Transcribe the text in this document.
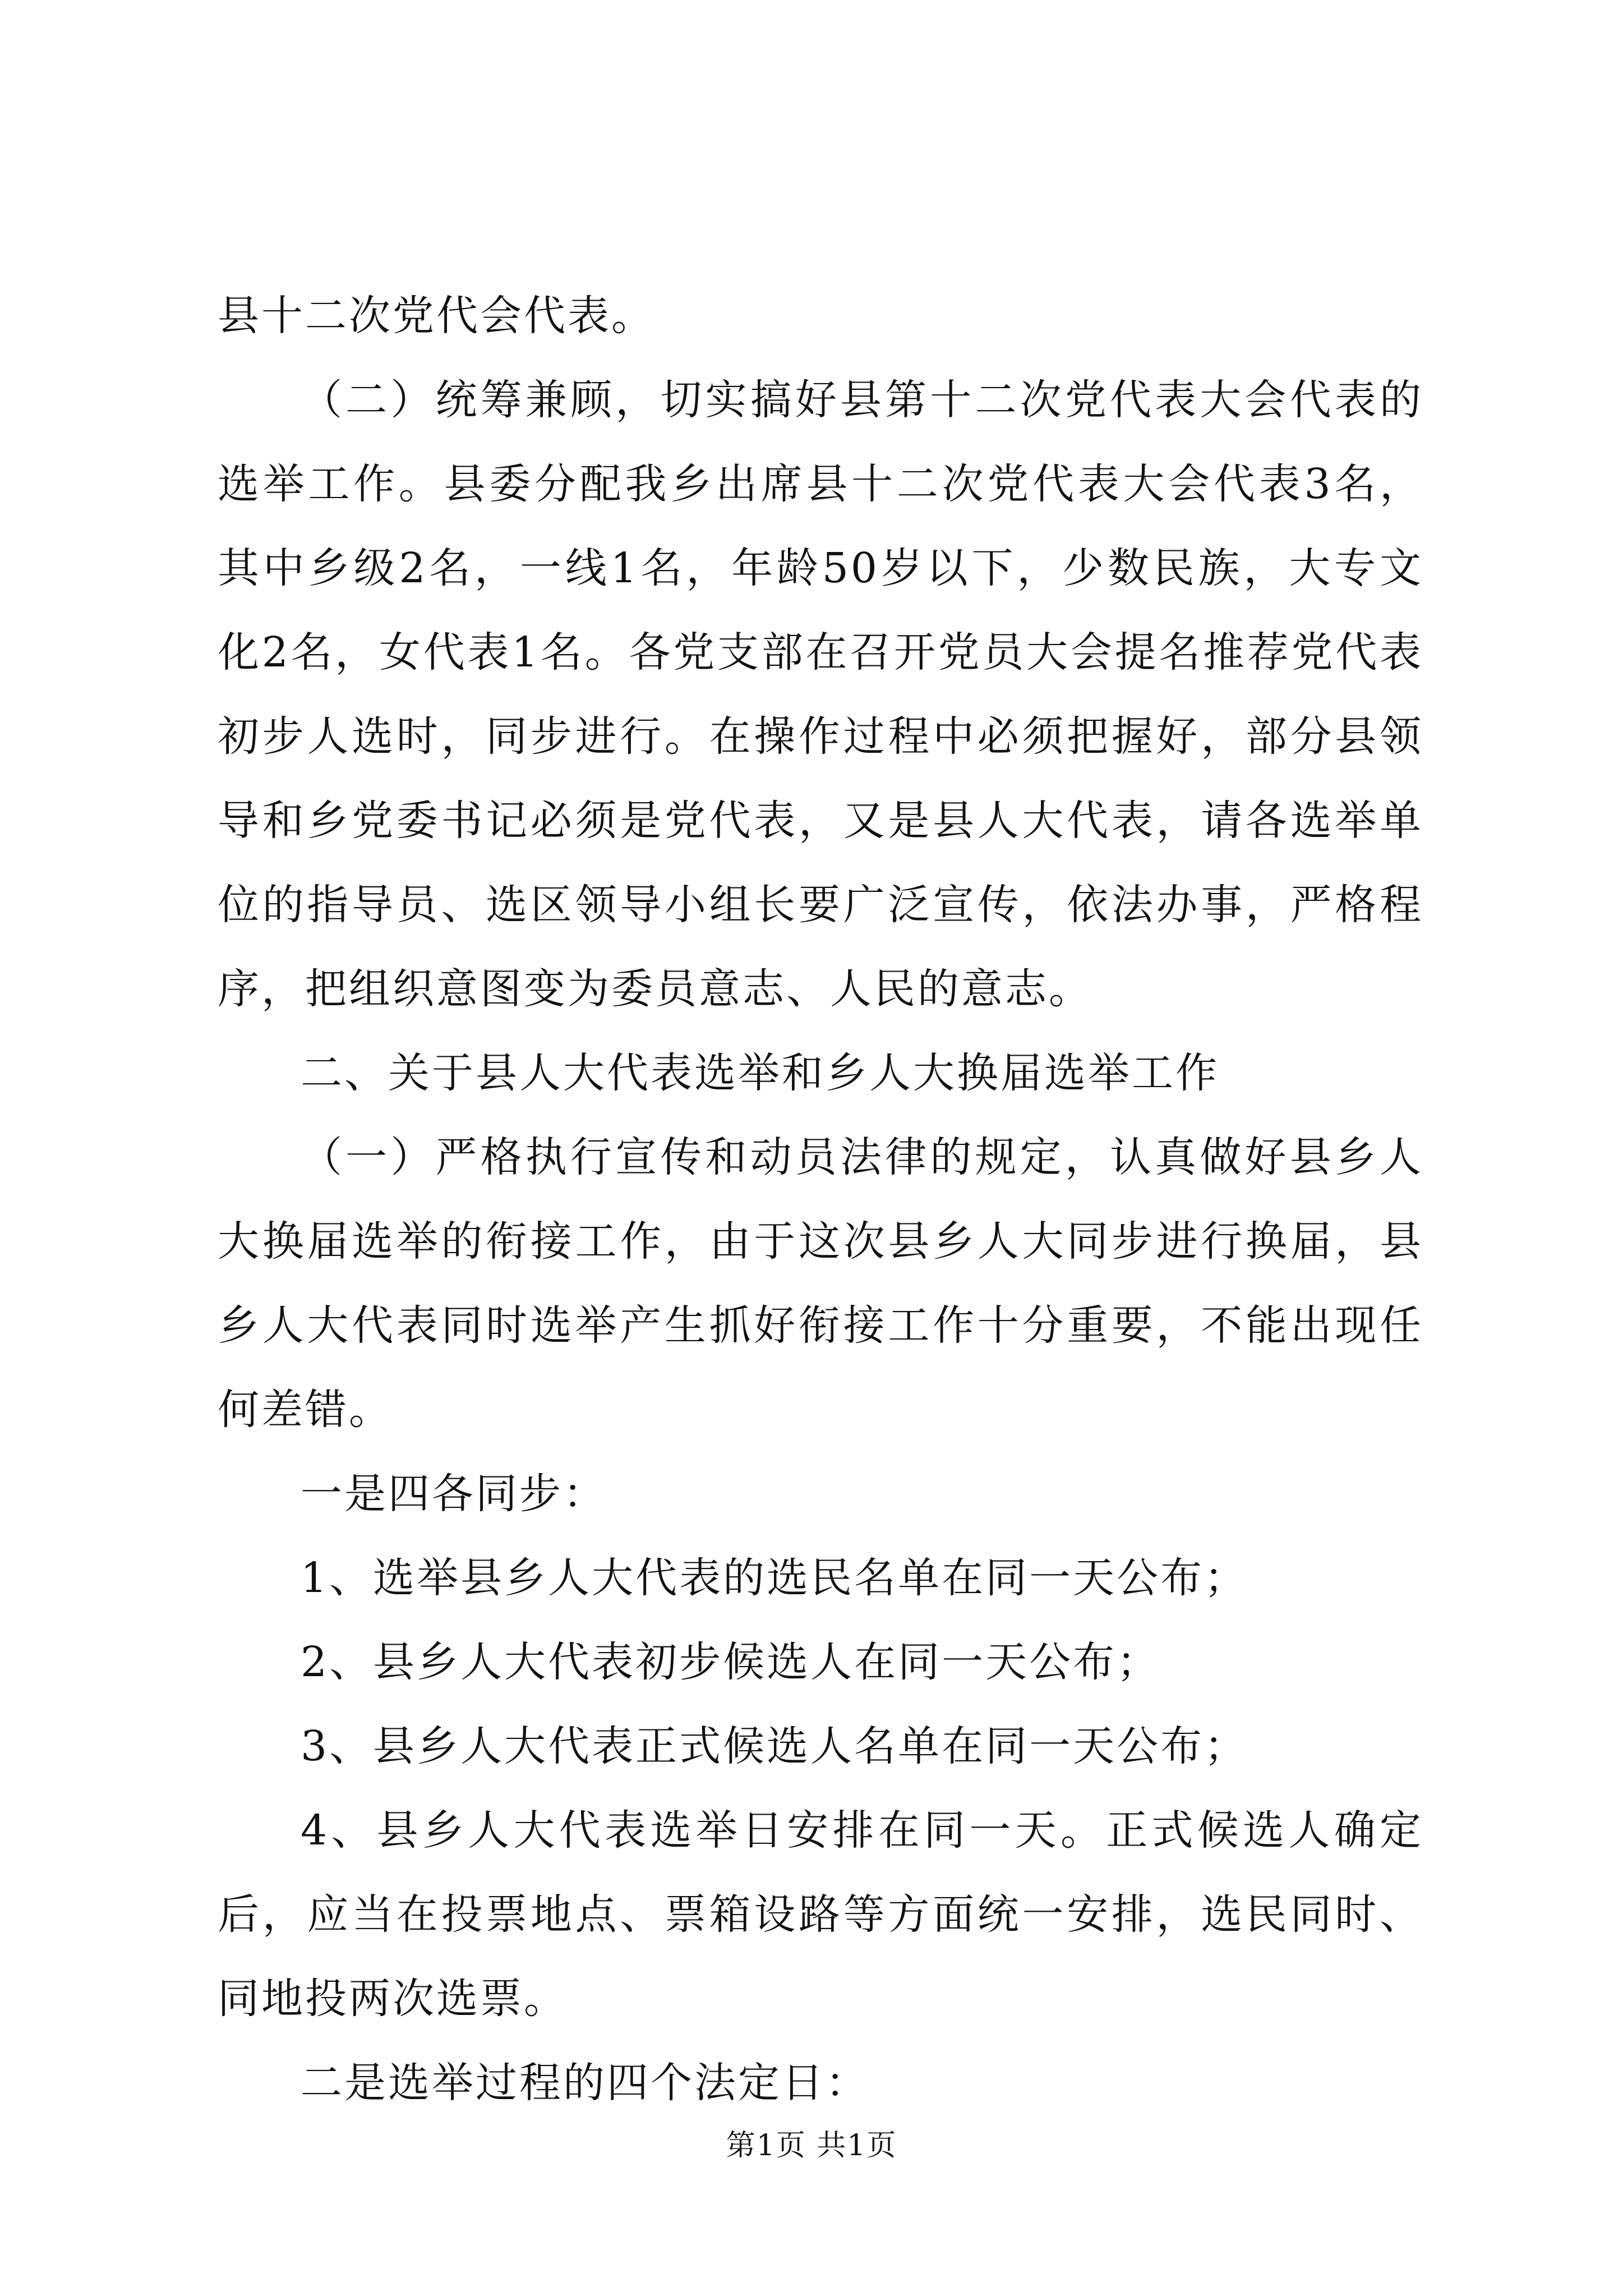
县十二次党代会代表。

（二）统筹兼顾，切实搞好县第十二次党代表大会代表的选举工作。县委分配我乡出席县十二次党代表大会代表3名，其中乡级2名，一线1名，年龄50岁以下，少数民族，大专文化2名，女代表1名。各党支部在召开党员大会提名推荐党代表初步人选时，同步进行。在操作过程中必须把握好，部分县领导和乡党委书记必须是党代表，又是县人大代表，请各选举单位的指导员、选区领导小组长要广泛宣传，依法办事，严格程序，把组织意图变为委员意志、人民的意志。

二、关于县人大代表选举和乡人大换届选举工作

（一）严格执行宣传和动员法律的规定，认真做好县乡人大换届选举的衔接工作，由于这次县乡人大同步进行换届，县乡人大代表同时选举产生抓好衔接工作十分重要，不能出现任何差错。

一是四各同步：

1、选举县乡人大代表的选民名单在同一天公布；

2、县乡人大代表初步候选人在同一天公布；

3、县乡人大代表正式候选人名单在同一天公布；

4、县乡人大代表选举日安排在同一天。正式候选人确定后，应当在投票地点、票箱设路等方面统一安排，选民同时、同地投两次选票。

二是选举过程的四个法定日：

第1页 共1页
